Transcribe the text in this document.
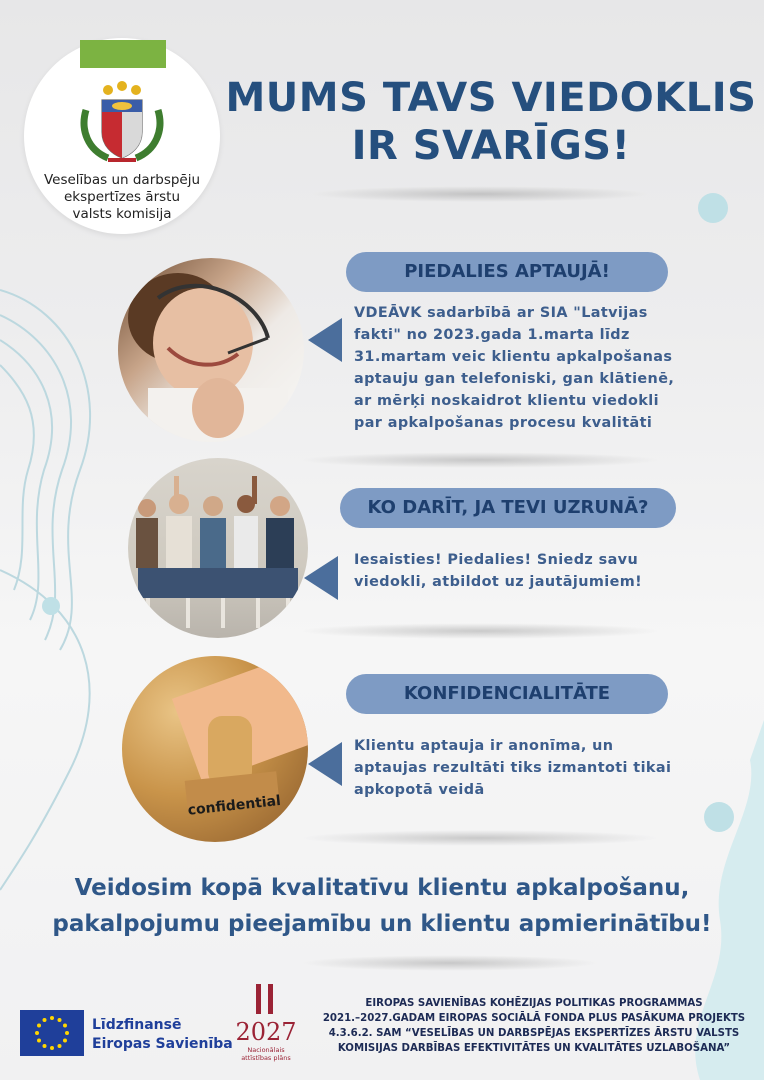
Veselības un darbspēju
ekspertīzes ārstu
valsts komisija
MUMS TAVS VIEDOKLIS
IR SVARĪGS!
PIEDALIES APTAUJĀ!
VDEĀVK sadarbībā ar SIA "Latvijas
fakti" no 2023.gada 1.marta līdz
31.martam veic klientu apkalpošanas
aptauju gan telefoniski, gan klātienē,
ar mērķi noskaidrot klientu viedokli
par apkalpošanas procesu kvalitāti
KO DARĪT, JA TEVI UZRUNĀ?
Iesaisties! Piedalies! Sniedz savu
viedokli, atbildot uz jautājumiem!
confidential
KONFIDENCIALITĀTE
Klientu aptauja ir anonīma, un
aptaujas rezultāti tiks izmantoti tikai
apkopotā veidā
Veidosim kopā kvalitatīvu klientu apkalpošanu,
pakalpojumu pieejamību un klientu apmierinātību!
Līdzfinansē
Eiropas Savienība 2027
Nacionālais
attīstības plāns
EIROPAS SAVIENĪBAS KOHĒZIJAS POLITIKAS PROGRAMMAS
2021.–2027.GADAM EIROPAS SOCIĀLĀ FONDA PLUS PASĀKUMA PROJEKTS
4.3.6.2. SAM “VESELĪBAS UN DARBSPĒJAS EKSPERTĪZES ĀRSTU VALSTS
KOMISIJAS DARBĪBAS EFEKTIVITĀTES UN KVALITĀTES UZLABOŠANA”
